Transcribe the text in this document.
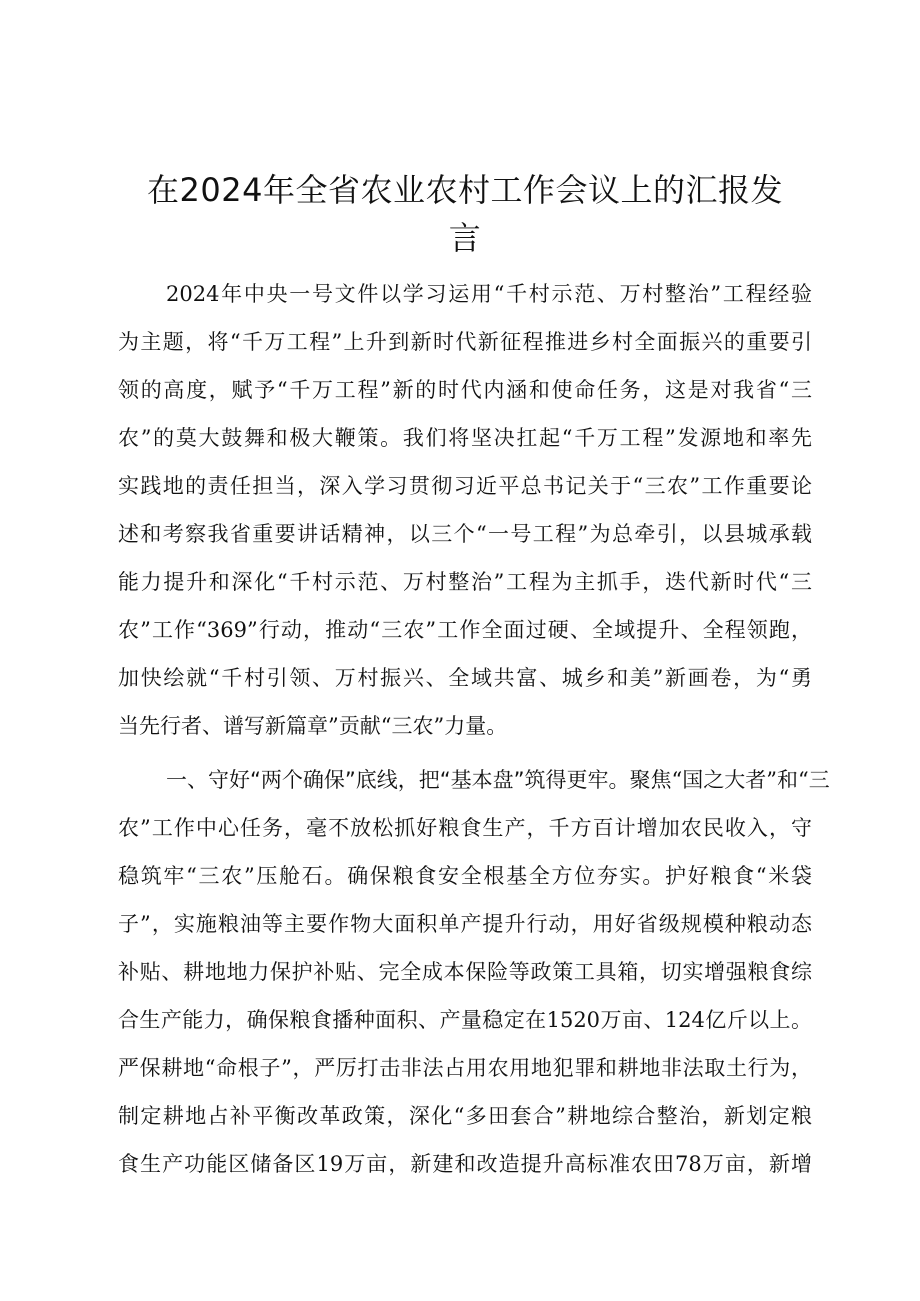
在2024年全省农业农村工作会议上的汇报发
言
2024年中央一号文件以学习运用“千村示范、万村整治”工程经验
为主题，将“千万工程”上升到新时代新征程推进乡村全面振兴的重要引
领的高度，赋予“千万工程”新的时代内涵和使命任务，这是对我省“三
农”的莫大鼓舞和极大鞭策。我们将坚决扛起“千万工程”发源地和率先
实践地的责任担当，深入学习贯彻习近平总书记关于“三农”工作重要论
述和考察我省重要讲话精神，以三个“一号工程”为总牵引，以县城承载
能力提升和深化“千村示范、万村整治”工程为主抓手，迭代新时代“三
农”工作“369”行动，推动“三农”工作全面过硬、全域提升、全程领跑，
加快绘就“千村引领、万村振兴、全域共富、城乡和美”新画卷，为“勇
当先行者、谱写新篇章”贡献“三农”力量。
一、守好“两个确保”底线，把“基本盘”筑得更牢。聚焦“国之大者”和“三
农”工作中心任务，毫不放松抓好粮食生产，千方百计增加农民收入，守
稳筑牢“三农”压舱石。确保粮食安全根基全方位夯实。护好粮食“米袋
子”，实施粮油等主要作物大面积单产提升行动，用好省级规模种粮动态
补贴、耕地地力保护补贴、完全成本保险等政策工具箱，切实增强粮食综
合生产能力，确保粮食播种面积、产量稳定在1520万亩、124亿斤以上。
严保耕地“命根子”，严厉打击非法占用农用地犯罪和耕地非法取土行为，
制定耕地占补平衡改革政策，深化“多田套合”耕地综合整治，新划定粮
食生产功能区储备区19万亩，新建和改造提升高标准农田78万亩，新增
